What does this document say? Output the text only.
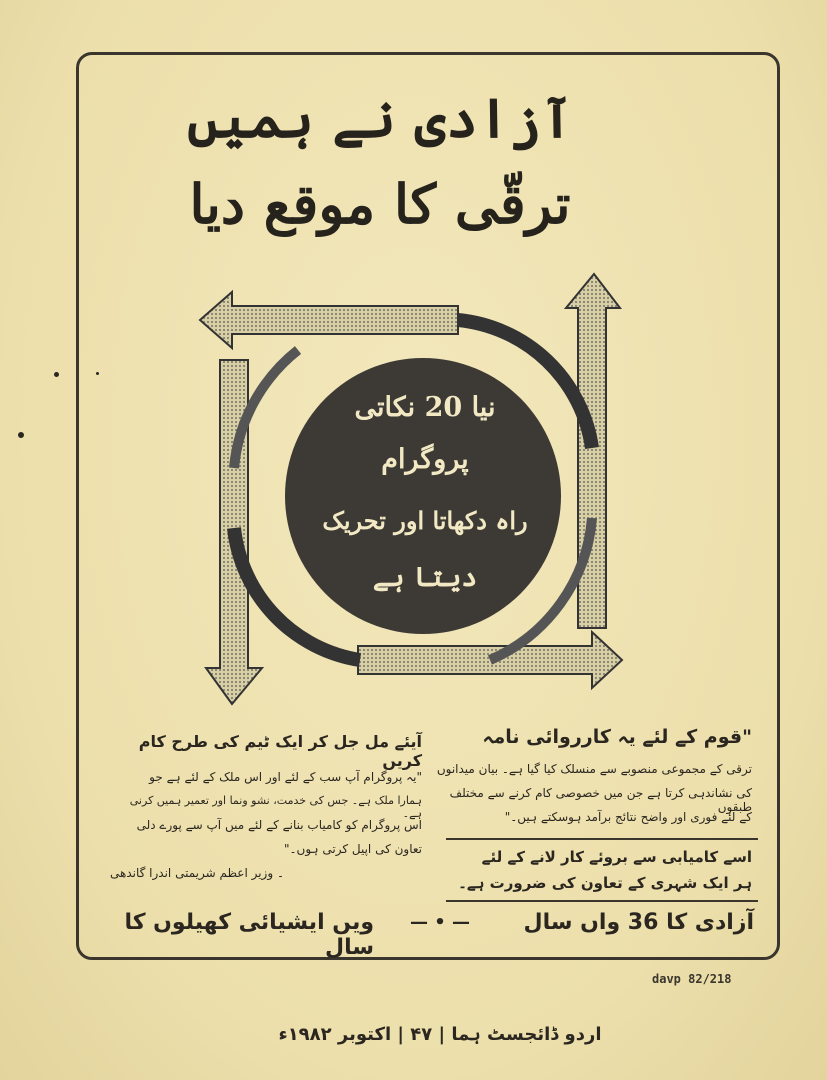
آزادی نے ہمیں
ترقّی کا موقع دیا
نیا 20 نکاتی
پروگرام
راہ دکھاتا اور تحریک
دیتا ہے
"قوم کے لئے یہ کارروائی نامہ
ترقی کے مجموعی منصوبے سے منسلک کیا گیا ہے۔ بیان میدانوں
کی نشاندہی کرتا ہے جن میں خصوصی کام کرنے سے مختلف طبقوں
کے لئے فوری اور واضح نتائج برآمد ہوسکتے ہیں۔"
اسے کامیابی سے بروئے کار لانے کے لئے
ہر ایک شہری کے تعاون کی ضرورت ہے۔
آیئے مل جل کر ایک ٹیم کی طرح کام کریں
"یہ پروگرام آپ سب کے لئے اور اس ملک کے لئے ہے جو
ہمارا ملک ہے۔ جس کی خدمت، نشو ونما اور تعمیر ہمیں کرنی ہے۔
اس پروگرام کو کامیاب بنانے کے لئے میں آپ سے پورے دلی
تعاون کی اپیل کرتی ہوں۔"
۔ وزیر اعظم شریمتی اندرا گاندھی
آزادی کا 36 واں سال
— • —
ویں ایشیائی کھیلوں کا سال
davp 82/218
اردو ڈائجسٹ ہما | ۴۷ | اکتوبر ۱۹۸۲ء
